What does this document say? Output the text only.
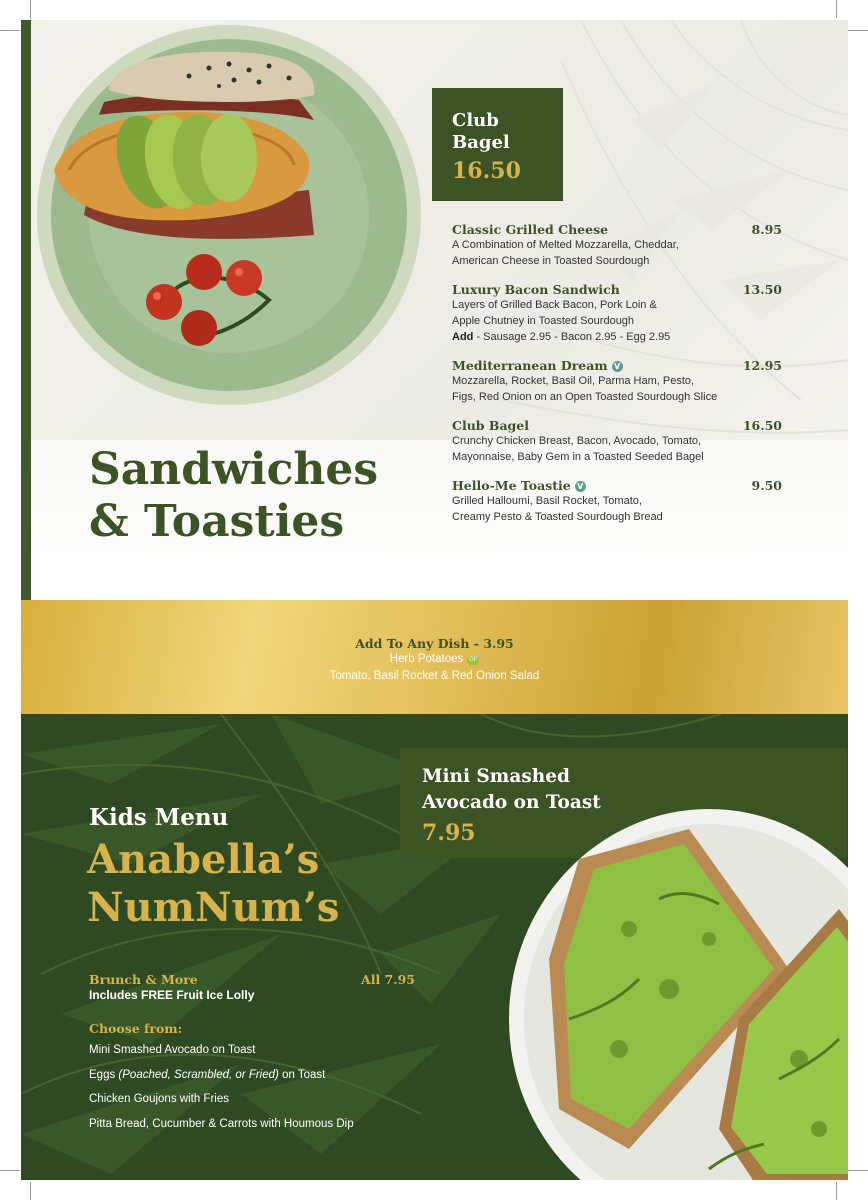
Club
Bagel
16.50
Classic Grilled Cheese	8.95
A Combination of Melted Mozzarella, Cheddar,
American Cheese in Toasted Sourdough
Luxury Bacon Sandwich	13.50
Layers of Grilled Back Bacon, Pork Loin &
Apple Chutney in Toasted Sourdough
Add - Sausage 2.95 - Bacon 2.95 - Egg 2.95
Mediterranean Dream V	12.95
Mozzarella, Rocket, Basil Oil, Parma Ham, Pesto,
Figs, Red Onion on an Open Toasted Sourdough Slice
Club Bagel	16.50
Crunchy Chicken Breast, Bacon, Avocado, Tomato,
Mayonnaise, Baby Gem in a Toasted Seeded Bagel
Hello-Me Toastie V	9.50
Grilled Halloumi, Basil Rocket, Tomato,
Creamy Pesto & Toasted Sourdough Bread
Sandwiches
& Toasties
Add To Any Dish - 3.95
Herb Potatoes GF
Tomato, Basil Rocket & Red Onion Salad
Mini Smashed
Avocado on Toast
7.95
Kids Menu
Anabella’s
NumNum’s
Brunch & More	All 7.95
Includes FREE Fruit Ice Lolly
Choose from:
Mini Smashed Avocado on Toast
Eggs (Poached, Scrambled, or Fried) on Toast
Chicken Goujons with Fries
Pitta Bread, Cucumber & Carrots with Houmous Dip
